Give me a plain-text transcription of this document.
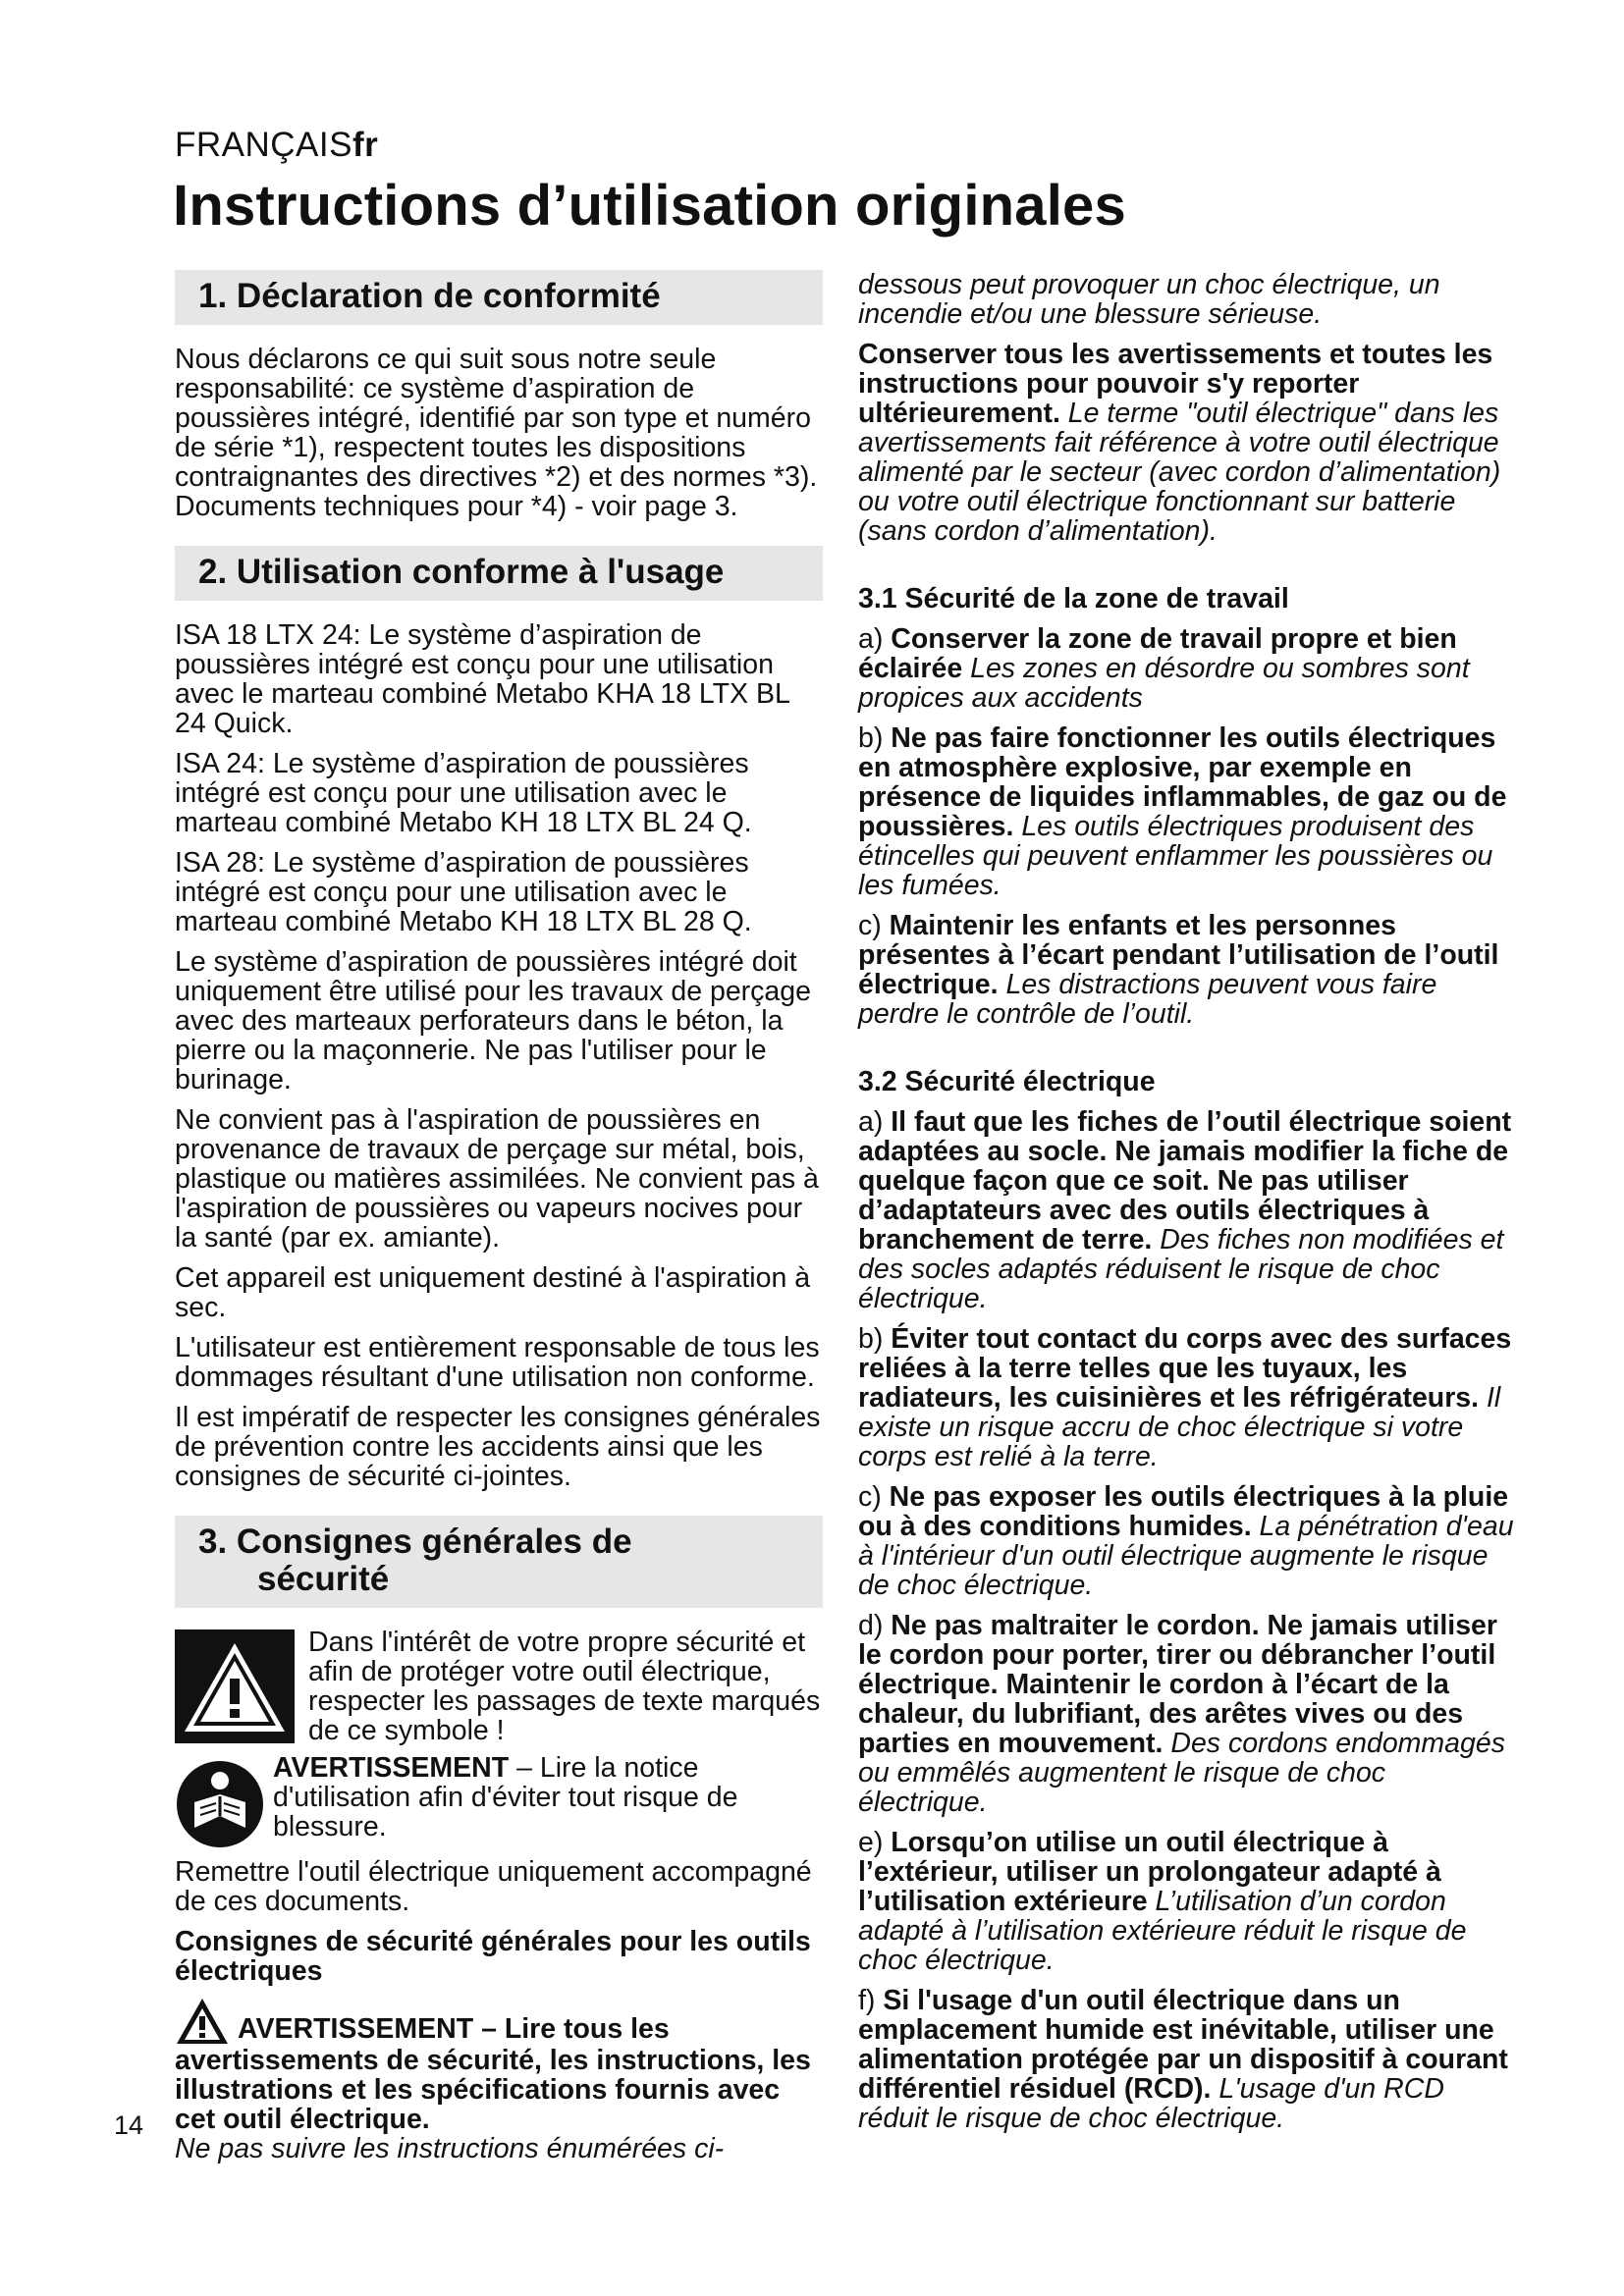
FRANÇAISfr
Instructions d’utilisation originales
1. Déclaration de conformité

Nous déclarons ce qui suit sous notre seule responsabilité: ce système d’aspiration de poussières intégré, identifié par son type et numéro de série *1), respectent toutes les dispositions contraignantes des directives *2) et des normes *3). Documents techniques pour *4) - voir page 3.

2. Utilisation conforme à l'usage

ISA 18 LTX 24: Le système d’aspiration de poussières intégré est conçu pour une utilisation avec le marteau combiné Metabo KHA 18 LTX BL 24 Quick.

ISA 24: Le système d’aspiration de poussières intégré est conçu pour une utilisation avec le marteau combiné Metabo KH 18 LTX BL 24 Q.

ISA 28: Le système d’aspiration de poussières intégré est conçu pour une utilisation avec le marteau combiné Metabo KH 18 LTX BL 28 Q.

Le système d’aspiration de poussières intégré doit uniquement être utilisé pour les travaux de perçage avec des marteaux perforateurs dans le béton, la pierre ou la maçonnerie. Ne pas l'utiliser pour le burinage.

Ne convient pas à l'aspiration de poussières en provenance de travaux de perçage sur métal, bois, plastique ou matières assimilées. Ne convient pas à l'aspiration de poussières ou vapeurs nocives pour la santé (par ex. amiante).

Cet appareil est uniquement destiné à l'aspiration à sec.

L'utilisateur est entièrement responsable de tous les dommages résultant d'une utilisation non conforme.

Il est impératif de respecter les consignes générales de prévention contre les accidents ainsi que les consignes de sécurité ci-jointes.

3. Consignes générales de
sécurité
Dans l'intérêt de votre propre sécurité et afin de protéger votre outil électrique, respecter les passages de texte marqués de ce symbole !
AVERTISSEMENT – Lire la notice d'utilisation afin d'éviter tout risque de blessure.

Remettre l'outil électrique uniquement accompagné de ces documents.

Consignes de sécurité générales pour les outils électriques

AVERTISSEMENT – Lire tous les avertissements de sécurité, les instructions, les illustrations et les spécifications fournis avec cet outil électrique.

Ne pas suivre les instructions énumérées ci-

dessous peut provoquer un choc électrique, un incendie et/ou une blessure sérieuse.

Conserver tous les avertissements et toutes les instructions pour pouvoir s'y reporter ultérieurement. Le terme "outil électrique" dans les avertissements fait référence à votre outil électrique alimenté par le secteur (avec cordon d’alimentation) ou votre outil électrique fonctionnant sur batterie (sans cordon d’alimentation).

3.1 Sécurité de la zone de travail

a) Conserver la zone de travail propre et bien éclairée Les zones en désordre ou sombres sont propices aux accidents

b) Ne pas faire fonctionner les outils électriques en atmosphère explosive, par exemple en présence de liquides inflammables, de gaz ou de poussières. Les outils électriques produisent des étincelles qui peuvent enflammer les poussières ou les fumées.

c) Maintenir les enfants et les personnes présentes à l’écart pendant l’utilisation de l’outil électrique. Les distractions peuvent vous faire perdre le contrôle de l’outil.

3.2 Sécurité électrique

a) Il faut que les fiches de l’outil électrique soient adaptées au socle. Ne jamais modifier la fiche de quelque façon que ce soit. Ne pas utiliser d’adaptateurs avec des outils électriques à branchement de terre. Des fiches non modifiées et des socles adaptés réduisent le risque de choc électrique.

b) Éviter tout contact du corps avec des surfaces reliées à la terre telles que les tuyaux, les radiateurs, les cuisinières et les réfrigérateurs. Il existe un risque accru de choc électrique si votre corps est relié à la terre.

c) Ne pas exposer les outils électriques à la pluie ou à des conditions humides. La pénétration d'eau à l'intérieur d'un outil électrique augmente le risque de choc électrique.

d) Ne pas maltraiter le cordon. Ne jamais utiliser le cordon pour porter, tirer ou débrancher l’outil électrique. Maintenir le cordon à l’écart de la chaleur, du lubrifiant, des arêtes vives ou des parties en mouvement. Des cordons endommagés ou emmêlés augmentent le risque de choc électrique.

e) Lorsqu’on utilise un outil électrique à l’extérieur, utiliser un prolongateur adapté à l’utilisation extérieure L’utilisation d’un cordon adapté à l’utilisation extérieure réduit le risque de choc électrique.

f) Si l'usage d'un outil électrique dans un emplacement humide est inévitable, utiliser une alimentation protégée par un dispositif à courant différentiel résiduel (RCD). L'usage d'un RCD réduit le risque de choc électrique.

14
